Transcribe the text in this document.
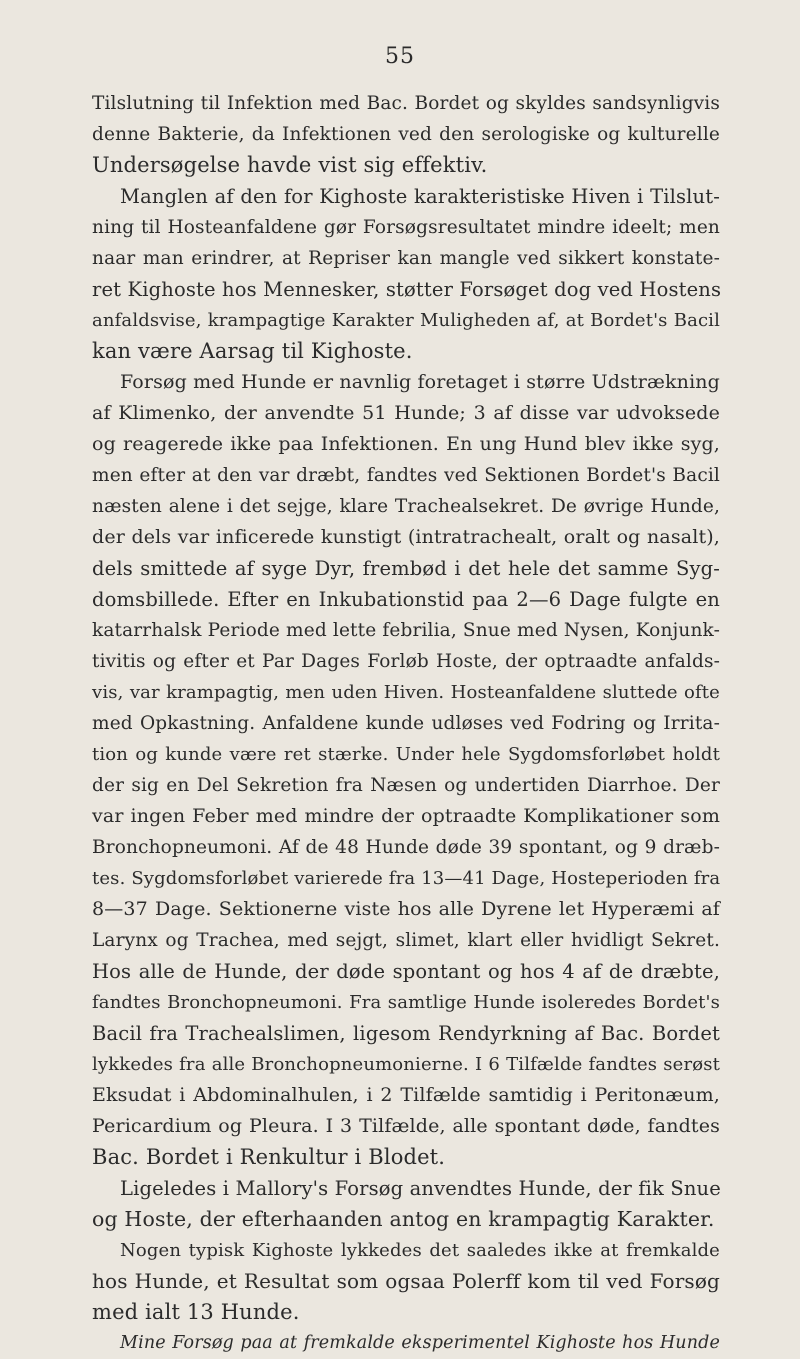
55
Tilslutning til Infektion med Bac. Bordet og skyldes sandsynligvis
denne Bakterie, da Infektionen ved den serologiske og kulturelle
Undersøgelse havde vist sig effektiv.
Manglen af den for Kighoste karakteristiske Hiven i Tilslut-
ning til Hosteanfaldene gør Forsøgsresultatet mindre ideelt; men
naar man erindrer, at Repriser kan mangle ved sikkert konstate-
ret Kighoste hos Mennesker, støtter Forsøget dog ved Hostens
anfaldsvise, krampagtige Karakter Muligheden af, at Bordet's Bacil
kan være Aarsag til Kighoste.
Forsøg med Hunde er navnlig foretaget i større Udstrækning
af Klimenko, der anvendte 51 Hunde; 3 af disse var udvoksede
og reagerede ikke paa Infektionen. En ung Hund blev ikke syg,
men efter at den var dræbt, fandtes ved Sektionen Bordet's Bacil
næsten alene i det sejge, klare Trachealsekret. De øvrige Hunde,
der dels var inficerede kunstigt (intratrachealt, oralt og nasalt),
dels smittede af syge Dyr, frembød i det hele det samme Syg-
domsbillede. Efter en Inkubationstid paa 2—6 Dage fulgte en
katarrhalsk Periode med lette febrilia, Snue med Nysen, Konjunk-
tivitis og efter et Par Dages Forløb Hoste, der optraadte anfalds-
vis, var krampagtig, men uden Hiven. Hosteanfaldene sluttede ofte
med Opkastning. Anfaldene kunde udløses ved Fodring og Irrita-
tion og kunde være ret stærke. Under hele Sygdomsforløbet holdt
der sig en Del Sekretion fra Næsen og undertiden Diarrhoe. Der
var ingen Feber med mindre der optraadte Komplikationer som
Bronchopneumoni. Af de 48 Hunde døde 39 spontant, og 9 dræb-
tes. Sygdomsforløbet varierede fra 13—41 Dage, Hosteperioden fra
8—37 Dage. Sektionerne viste hos alle Dyrene let Hyperæmi af
Larynx og Trachea, med sejgt, slimet, klart eller hvidligt Sekret.
Hos alle de Hunde, der døde spontant og hos 4 af de dræbte,
fandtes Bronchopneumoni. Fra samtlige Hunde isoleredes Bordet's
Bacil fra Trachealslimen, ligesom Rendyrkning af Bac. Bordet
lykkedes fra alle Bronchopneumonierne. I 6 Tilfælde fandtes serøst
Eksudat i Abdominalhulen, i 2 Tilfælde samtidig i Peritonæum,
Pericardium og Pleura. I 3 Tilfælde, alle spontant døde, fandtes
Bac. Bordet i Renkultur i Blodet.
Ligeledes i Mallory's Forsøg anvendtes Hunde, der fik Snue
og Hoste, der efterhaanden antog en krampagtig Karakter.
Nogen typisk Kighoste lykkedes det saaledes ikke at fremkalde
hos Hunde, et Resultat som ogsaa Polerff kom til ved Forsøg
med ialt 13 Hunde.
Mine Forsøg paa at fremkalde eksperimentel Kighoste hos Hunde
